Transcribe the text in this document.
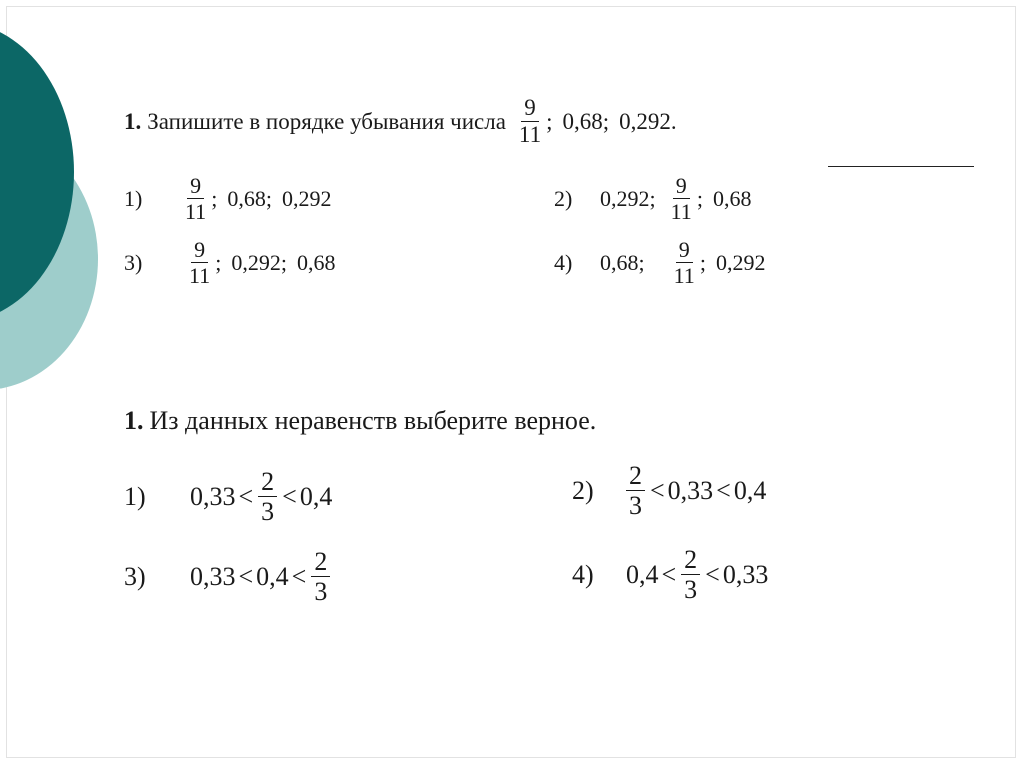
1. Запишите в порядке убывания числа $\frac{9}{11}$ ; 0,68; 0,292.
1)	$\frac{9}{11}$ ; 0,68; 0,292	2)	0,292; $\frac{9}{11}$ ; 0,68
3)	$\frac{9}{11}$ ; 0,292; 0,68	4)	0,68; $\frac{9}{11}$ ; 0,292
1. Из данных неравенств выберите верное.
1)	$0,33 < \frac{2}{3} < 0,4$	2)	$\frac{2}{3} < 0,33 < 0,4$
3)	$0,33 < 0,4 < \frac{2}{3}$	4)	$0,4 < \frac{2}{3} < 0,33$
